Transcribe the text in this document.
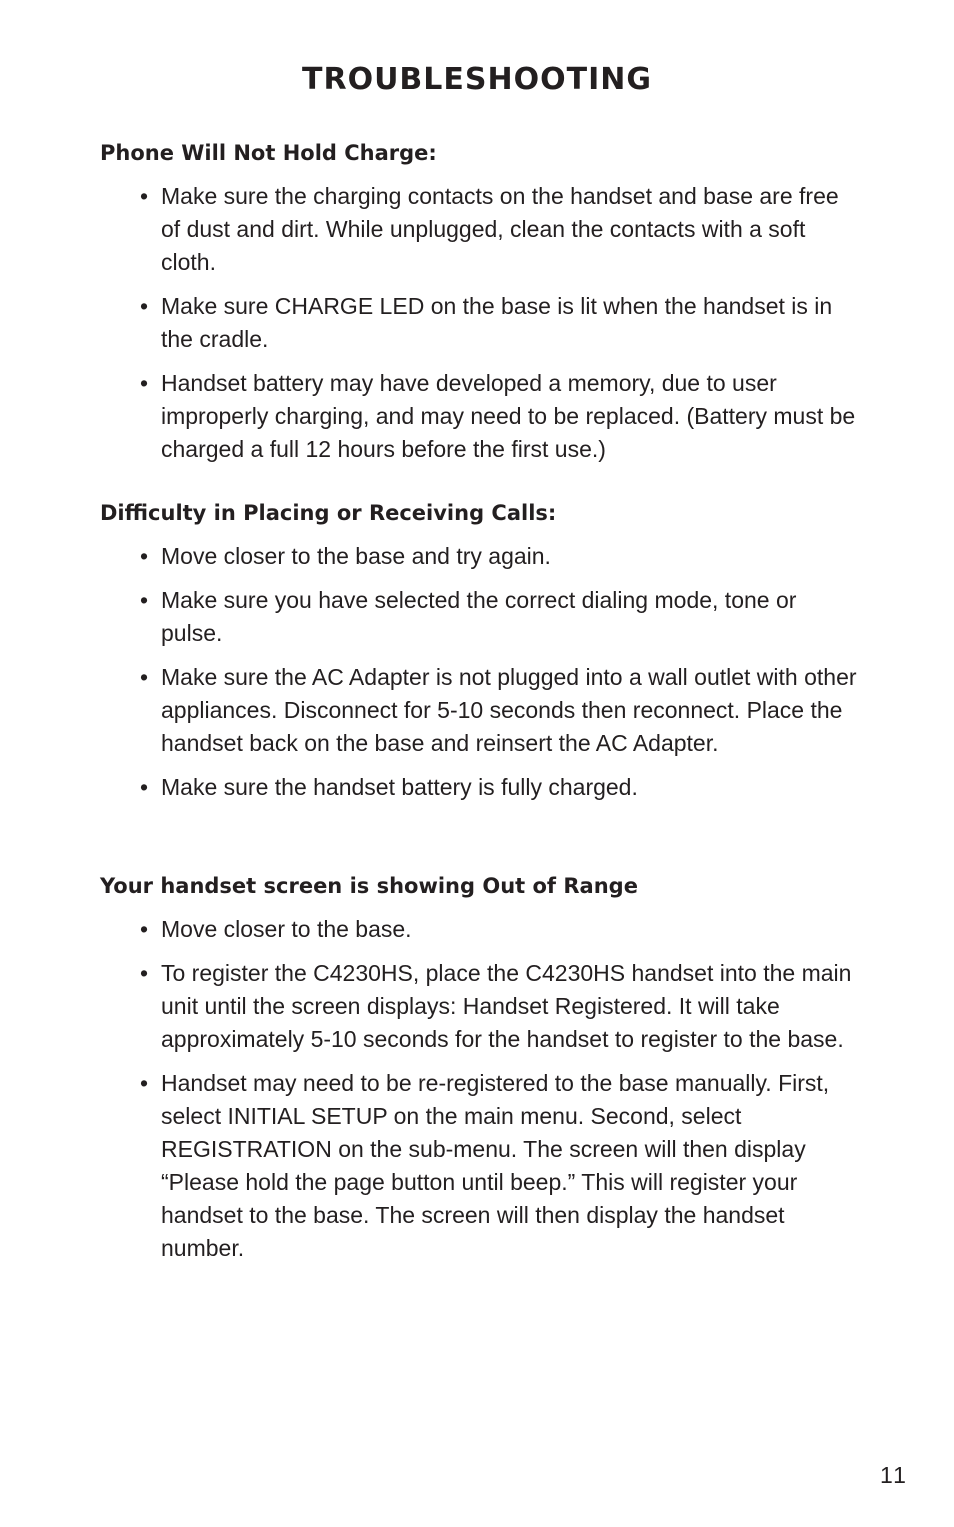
TROUBLESHOOTING
Phone Will Not Hold Charge:
• Make sure the charging contacts on the handset and base are free of dust and dirt. While unplugged, clean the contacts with a soft cloth.
• Make sure CHARGE LED on the base is lit when the handset is in the cradle.
• Handset battery may have developed a memory, due to user improperly charging, and may need to be replaced. (Battery must be charged a full 12 hours before the first use.)
Difficulty in Placing or Receiving Calls:
• Move closer to the base and try again.
• Make sure you have selected the correct dialing mode, tone or pulse.
• Make sure the AC Adapter is not plugged into a wall outlet with other appliances. Disconnect for 5-10 seconds then reconnect. Place the handset back on the base and reinsert the AC Adapter.
• Make sure the handset battery is fully charged.
Your handset screen is showing Out of Range
• Move closer to the base.
• To register the C4230HS, place the C4230HS handset into the main unit until the screen displays: Handset Registered. It will take approximately 5-10 seconds for the handset to register to the base.
• Handset may need to be re-registered to the base manually. First, select INITIAL SETUP on the main menu. Second, select REGISTRATION on the sub-menu. The screen will then display “Please hold the page button until beep.” This will register your handset to the base. The screen will then display the handset number.
11
